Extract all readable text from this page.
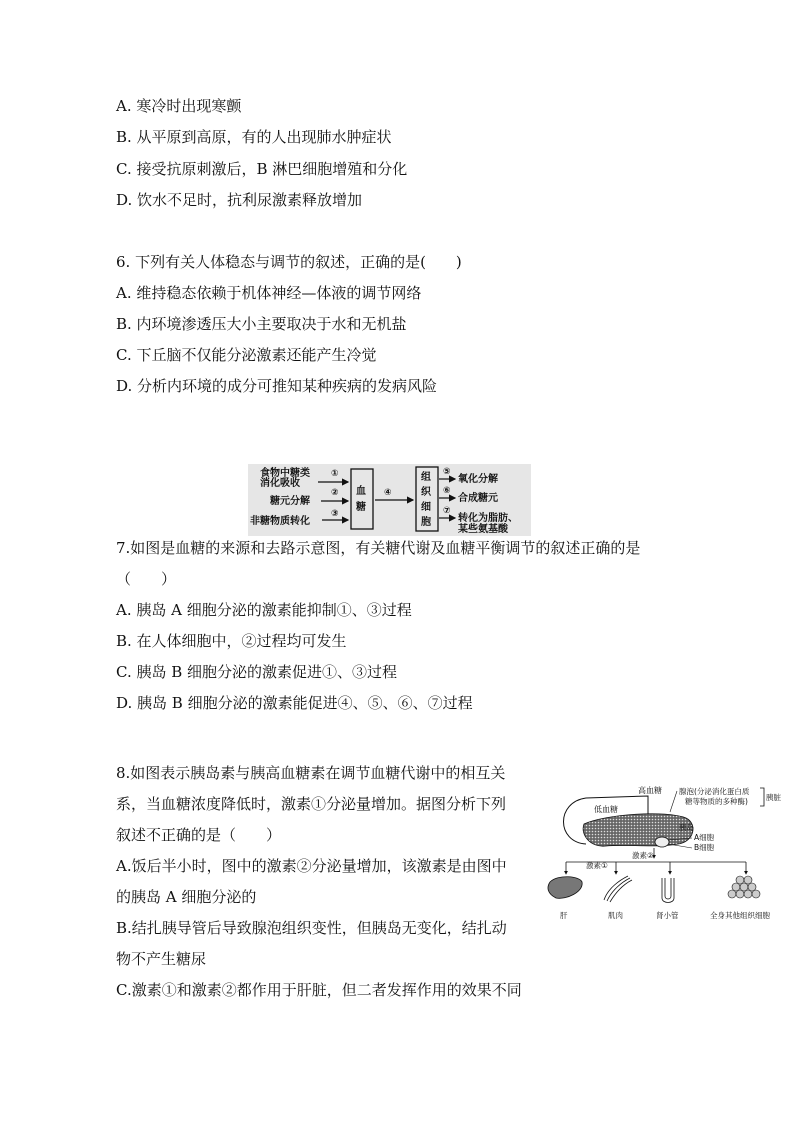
A. 寒冷时出现寒颤
B. 从平原到高原，有的人出现肺水肿症状
C. 接受抗原刺激后，B 淋巴细胞增殖和分化
D. 饮水不足时，抗利尿激素释放增加
6. 下列有关人体稳态与调节的叙述，正确的是(　　)
A. 维持稳态依赖于机体神经—体液的调节网络
B. 内环境渗透压大小主要取决于水和无机盐
C. 下丘脑不仅能分泌激素还能产生冷觉
D. 分析内环境的成分可推知某种疾病的发病风险
食物中糖类
消化吸收
糖元分解
非糖物质转化
①
②
③
血
糖
④
组
织
细
胞
⑤
⑥
⑦
氧化分解
合成糖元
转化为脂肪、
某些氨基酸
7.如图是血糖的来源和去路示意图，有关糖代谢及血糖平衡调节的叙述正确的是
（　　）
A. 胰岛 A 细胞分泌的激素能抑制①、③过程
B. 在人体细胞中，②过程均可发生
C. 胰岛 B 细胞分泌的激素促进①、③过程
D. 胰岛 B 细胞分泌的激素能促进④、⑤、⑥、⑦过程

8.如图表示胰岛素与胰高血糖素在调节血糖代谢中的相互关

系，当血糖浓度降低时，激素①分泌量增加。据图分析下列

叙述不正确的是（　　）

A.饭后半小时，图中的激素②分泌量增加，该激素是由图中

的胰岛 A 细胞分泌的

B.结扎胰导管后导致腺泡组织变性，但胰岛无变化，结扎动

物不产生糖尿

C.激素①和激素②都作用于肝脏，但二者发挥作用的效果不同

高血糖
低血糖
腺泡(分泌消化蛋白质
糖等物质的多种酶) 胰脏
胰岛
A细胞
B细胞
激素②
激素①
肝	肌肉	肾小管	全身其他组织细胞
